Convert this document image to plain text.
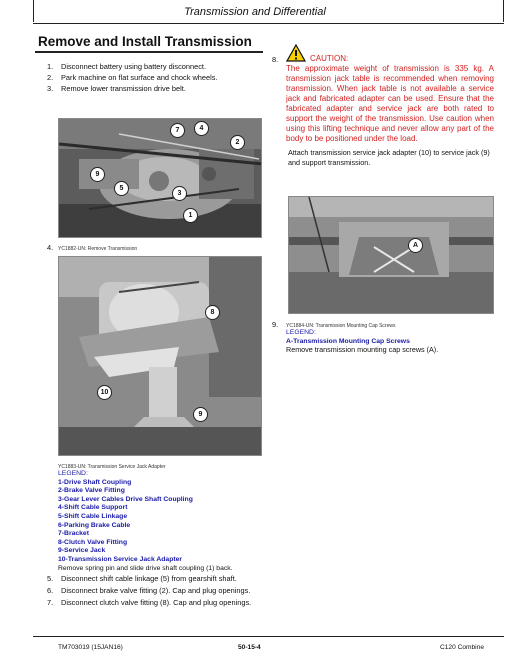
Transmission and Differential
Remove and Install Transmission
1. Disconnect battery using battery disconnect.
2. Park machine on flat surface and chock wheels.
3. Remove lower transmission drive belt.
7	4
2
9
5
3
1
4. YC1882-UN: Remove Transmission
8
10
9
YC1883-UN: Transmission Service Jack Adapter
LEGEND:
1-Drive Shaft Coupling
2-Brake Valve Fitting
3-Gear Lever Cables Drive Shaft Coupling
4-Shift Cable Support
5-Shift Cable Linkage
6-Parking Brake Cable
7-Bracket
8-Clutch Valve Fitting
9-Service Jack
10-Transmission Service Jack Adapter
Remove spring pin and slide drive shaft coupling (1) back.
5. Disconnect shift cable linkage (5) from gearshift shaft.
6. Disconnect brake valve fitting (2). Cap and plug openings.
7. Disconnect clutch valve fitting (8). Cap and plug openings.
8.	CAUTION:
The approximate weight of transmission is 335 kg. A transmission jack table is recommended when removing transmission. When jack table is not available a service jack and fabricated adapter can be used. Ensure that the fabricated adapter and service jack are both rated to support the weight of the transmission. Use caution when using this lifting technique and never allow any part of the body to be positioned under the load.
Attach transmission service jack adapter (10) to service jack (9) and support transmission.
A
9. YC1884-UN: Transmission Mounting Cap Screws
LEGEND:
A-Transmission Mounting Cap Screws
Remove transmission mounting cap screws (A).
TM703019 (15JAN16)	50-15-4	C120 Combine
